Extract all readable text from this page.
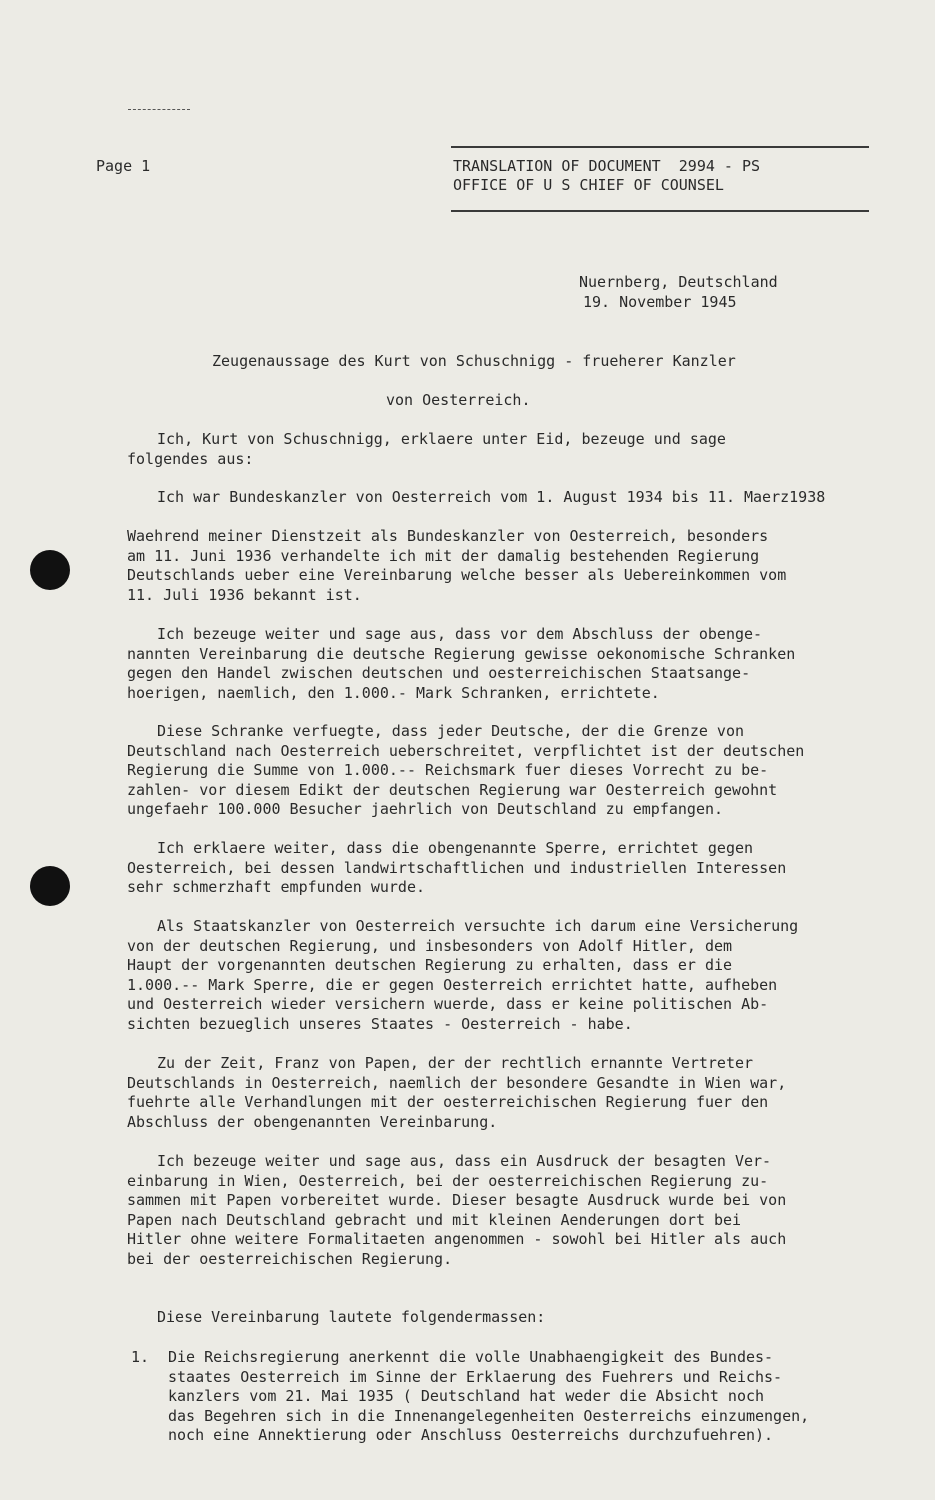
Page 1	TRANSLATION OF DOCUMENT  2994 - PS
OFFICE OF U S CHIEF OF COUNSEL
Nuernberg, Deutschland
19. November 1945
Zeugenaussage des Kurt von Schuschnigg - frueherer Kanzler
von Oesterreich.
Ich, Kurt von Schuschnigg, erklaere unter Eid, bezeuge und sage
folgendes aus:
Ich war Bundeskanzler von Oesterreich vom 1. August 1934 bis 11. Maerz1938
Waehrend meiner Dienstzeit als Bundeskanzler von Oesterreich, besonders
am 11. Juni 1936 verhandelte ich mit der damalig bestehenden Regierung
Deutschlands ueber eine Vereinbarung welche besser als Uebereinkommen vom
11. Juli 1936 bekannt ist.
Ich bezeuge weiter und sage aus, dass vor dem Abschluss der obenge-
nannten Vereinbarung die deutsche Regierung gewisse oekonomische Schranken
gegen den Handel zwischen deutschen und oesterreichischen Staatsange-
hoerigen, naemlich, den 1.000.- Mark Schranken, errichtete.
Diese Schranke verfuegte, dass jeder Deutsche, der die Grenze von
Deutschland nach Oesterreich ueberschreitet, verpflichtet ist der deutschen
Regierung die Summe von 1.000.-- Reichsmark fuer dieses Vorrecht zu be-
zahlen- vor diesem Edikt der deutschen Regierung war Oesterreich gewohnt
ungefaehr 100.000 Besucher jaehrlich von Deutschland zu empfangen.
Ich erklaere weiter, dass die obengenannte Sperre, errichtet gegen
Oesterreich, bei dessen landwirtschaftlichen und industriellen Interessen
sehr schmerzhaft empfunden wurde.
Als Staatskanzler von Oesterreich versuchte ich darum eine Versicherung
von der deutschen Regierung, und insbesonders von Adolf Hitler, dem
Haupt der vorgenannten deutschen Regierung zu erhalten, dass er die
1.000.-- Mark Sperre, die er gegen Oesterreich errichtet hatte, aufheben
und Oesterreich wieder versichern wuerde, dass er keine politischen Ab-
sichten bezueglich unseres Staates - Oesterreich - habe.
Zu der Zeit, Franz von Papen, der der rechtlich ernannte Vertreter
Deutschlands in Oesterreich, naemlich der besondere Gesandte in Wien war,
fuehrte alle Verhandlungen mit der oesterreichischen Regierung fuer den
Abschluss der obengenannten Vereinbarung.
Ich bezeuge weiter und sage aus, dass ein Ausdruck der besagten Ver-
einbarung in Wien, Oesterreich, bei der oesterreichischen Regierung zu-
sammen mit Papen vorbereitet wurde. Dieser besagte Ausdruck wurde bei von
Papen nach Deutschland gebracht und mit kleinen Aenderungen dort bei
Hitler ohne weitere Formalitaeten angenommen - sowohl bei Hitler als auch
bei der oesterreichischen Regierung.
Diese Vereinbarung lautete folgendermassen:
1. Die Reichsregierung anerkennt die volle Unabhaengigkeit des Bundes-
staates Oesterreich im Sinne der Erklaerung des Fuehrers und Reichs-
kanzlers vom 21. Mai 1935 ( Deutschland hat weder die Absicht noch
das Begehren sich in die Innenangelegenheiten Oesterreichs einzumengen,
noch eine Annektierung oder Anschluss Oesterreichs durchzufuehren).
